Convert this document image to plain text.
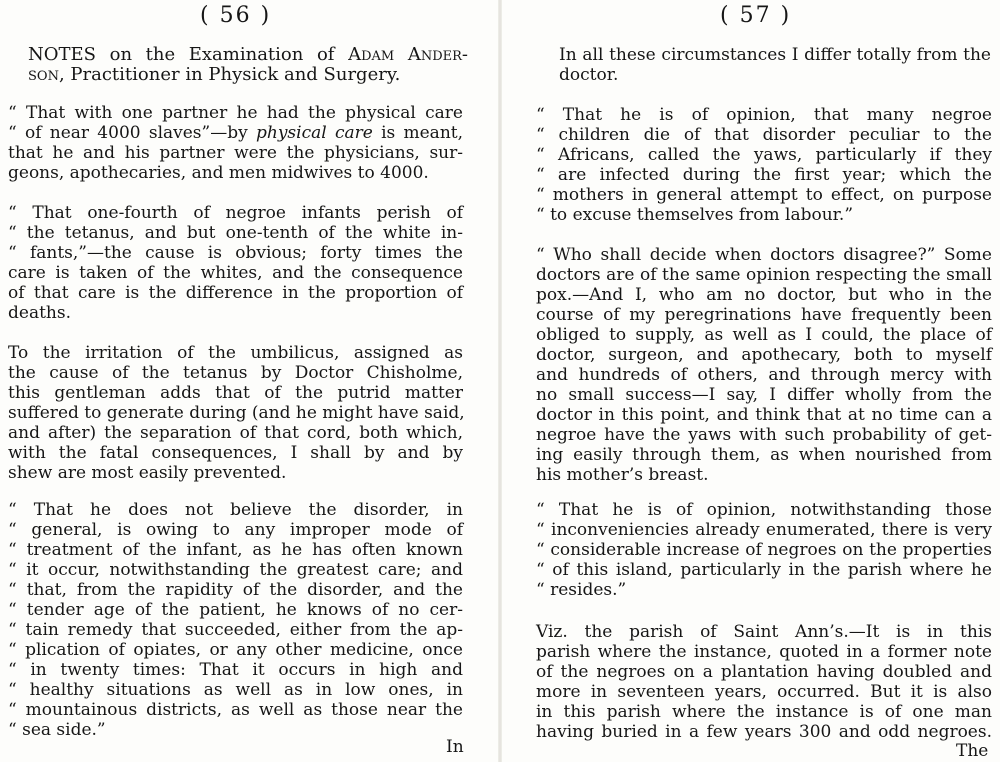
( 56 )
NOTES on the Examination of Adam Ander-
son, Practitioner in Physick and Surgery.
“ That with one partner he had the physical care
“ of near 4000 slaves”—by physical care is meant,
that he and his partner were the physicians, sur-
geons, apothecaries, and men midwives to 4000.
“ That one-fourth of negroe infants perish of
“ the tetanus, and but one-tenth of the white in-
“ fants,”—the cause is obvious; forty times the
care is taken of the whites, and the consequence
of that care is the difference in the proportion of
deaths.
To the irritation of the umbilicus, assigned as
the cause of the tetanus by Doctor Chisholme,
this gentleman adds that of the putrid matter
suffered to generate during (and he might have said,
and after) the separation of that cord, both which,
with the fatal consequences, I shall by and by
shew are most easily prevented.
“ That he does not believe the disorder, in
“ general, is owing to any improper mode of
“ treatment of the infant, as he has often known
“ it occur, notwithstanding the greatest care; and
“ that, from the rapidity of the disorder, and the
“ tender age of the patient, he knows of no cer-
“ tain remedy that succeeded, either from the ap-
“ plication of opiates, or any other medicine, once
“ in twenty times: That it occurs in high and
“ healthy situations as well as in low ones, in
“ mountainous districts, as well as those near the
“ sea side.”
In
( 57 )
In all these circumstances I differ totally from the
doctor.
“ That he is of opinion, that many negroe
“ children die of that disorder peculiar to the
“ Africans, called the yaws, particularly if they
“ are infected during the first year; which the
“ mothers in general attempt to effect, on purpose
“ to excuse themselves from labour.”
“ Who shall decide when doctors disagree?” Some
doctors are of the same opinion respecting the small
pox.—And I, who am no doctor, but who in the
course of my peregrinations have frequently been
obliged to supply, as well as I could, the place of
doctor, surgeon, and apothecary, both to myself
and hundreds of others, and through mercy with
no small success—I say, I differ wholly from the
doctor in this point, and think that at no time can a
negroe have the yaws with such probability of get-
ing easily through them, as when nourished from
his mother’s breast.
“ That he is of opinion, notwithstanding those
“ inconveniencies already enumerated, there is very
“ considerable increase of negroes on the properties
“ of this island, particularly in the parish where he
“ resides.”
Viz. the parish of Saint Ann’s.—It is in this
parish where the instance, quoted in a former note
of the negroes on a plantation having doubled and
more in seventeen years, occurred. But it is also
in this parish where the instance is of one man
having buried in a few years 300 and odd negroes.
The
